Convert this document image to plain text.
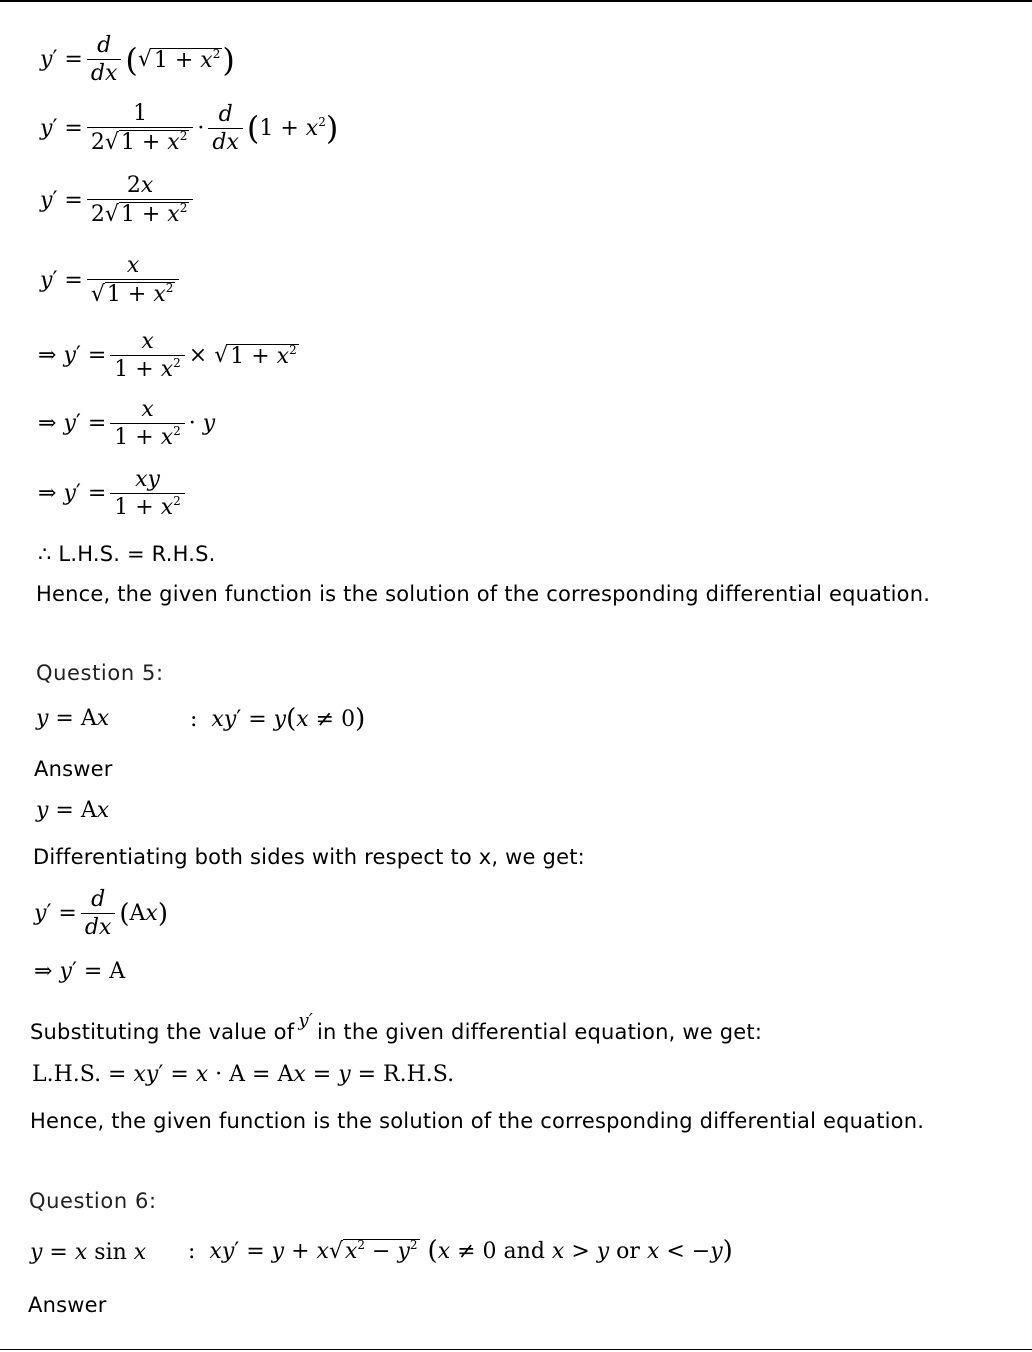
$y' = \frac{d}{dx}$ ( √ $1 + x^2$ )
$y' = \frac{1}{2√1 + x^2} \cdot \frac{d}{dx}$ ( $1 + x^2$ )
$y' = \frac{2x}{2√1 + x^2}$
$y' = \frac{x}{√1 + x^2}$
⇒ $y' = \frac{x}{1 + x^2}$ × √ $1 + x^2$
⇒ $y' = \frac{x}{1 + x^2} \cdot y$
⇒ $y' = \frac{xy}{1 + x^2}$
∴ L.H.S. = R.H.S.
Hence, the given function is the solution of the corresponding differential equation.
Question 5:
y = Ax	:  xy′ = y ( x ≠ 0 )
Answer
y = Ax
Differentiating both sides with respect to x, we get:
$y' = \frac{d}{dx}$ ( Ax )
⇒ y′ = A
Substituting the value of y′ in the given differential equation, we get:
L.H.S. = xy′ = x · A = Ax = y = R.H.S.
Hence, the given function is the solution of the corresponding differential equation.
Question 6:
y = x sin x :  xy′ = y + x√ $x^2 - y^2$ ( x ≠ 0 and x > y or x < −y )
Answer
